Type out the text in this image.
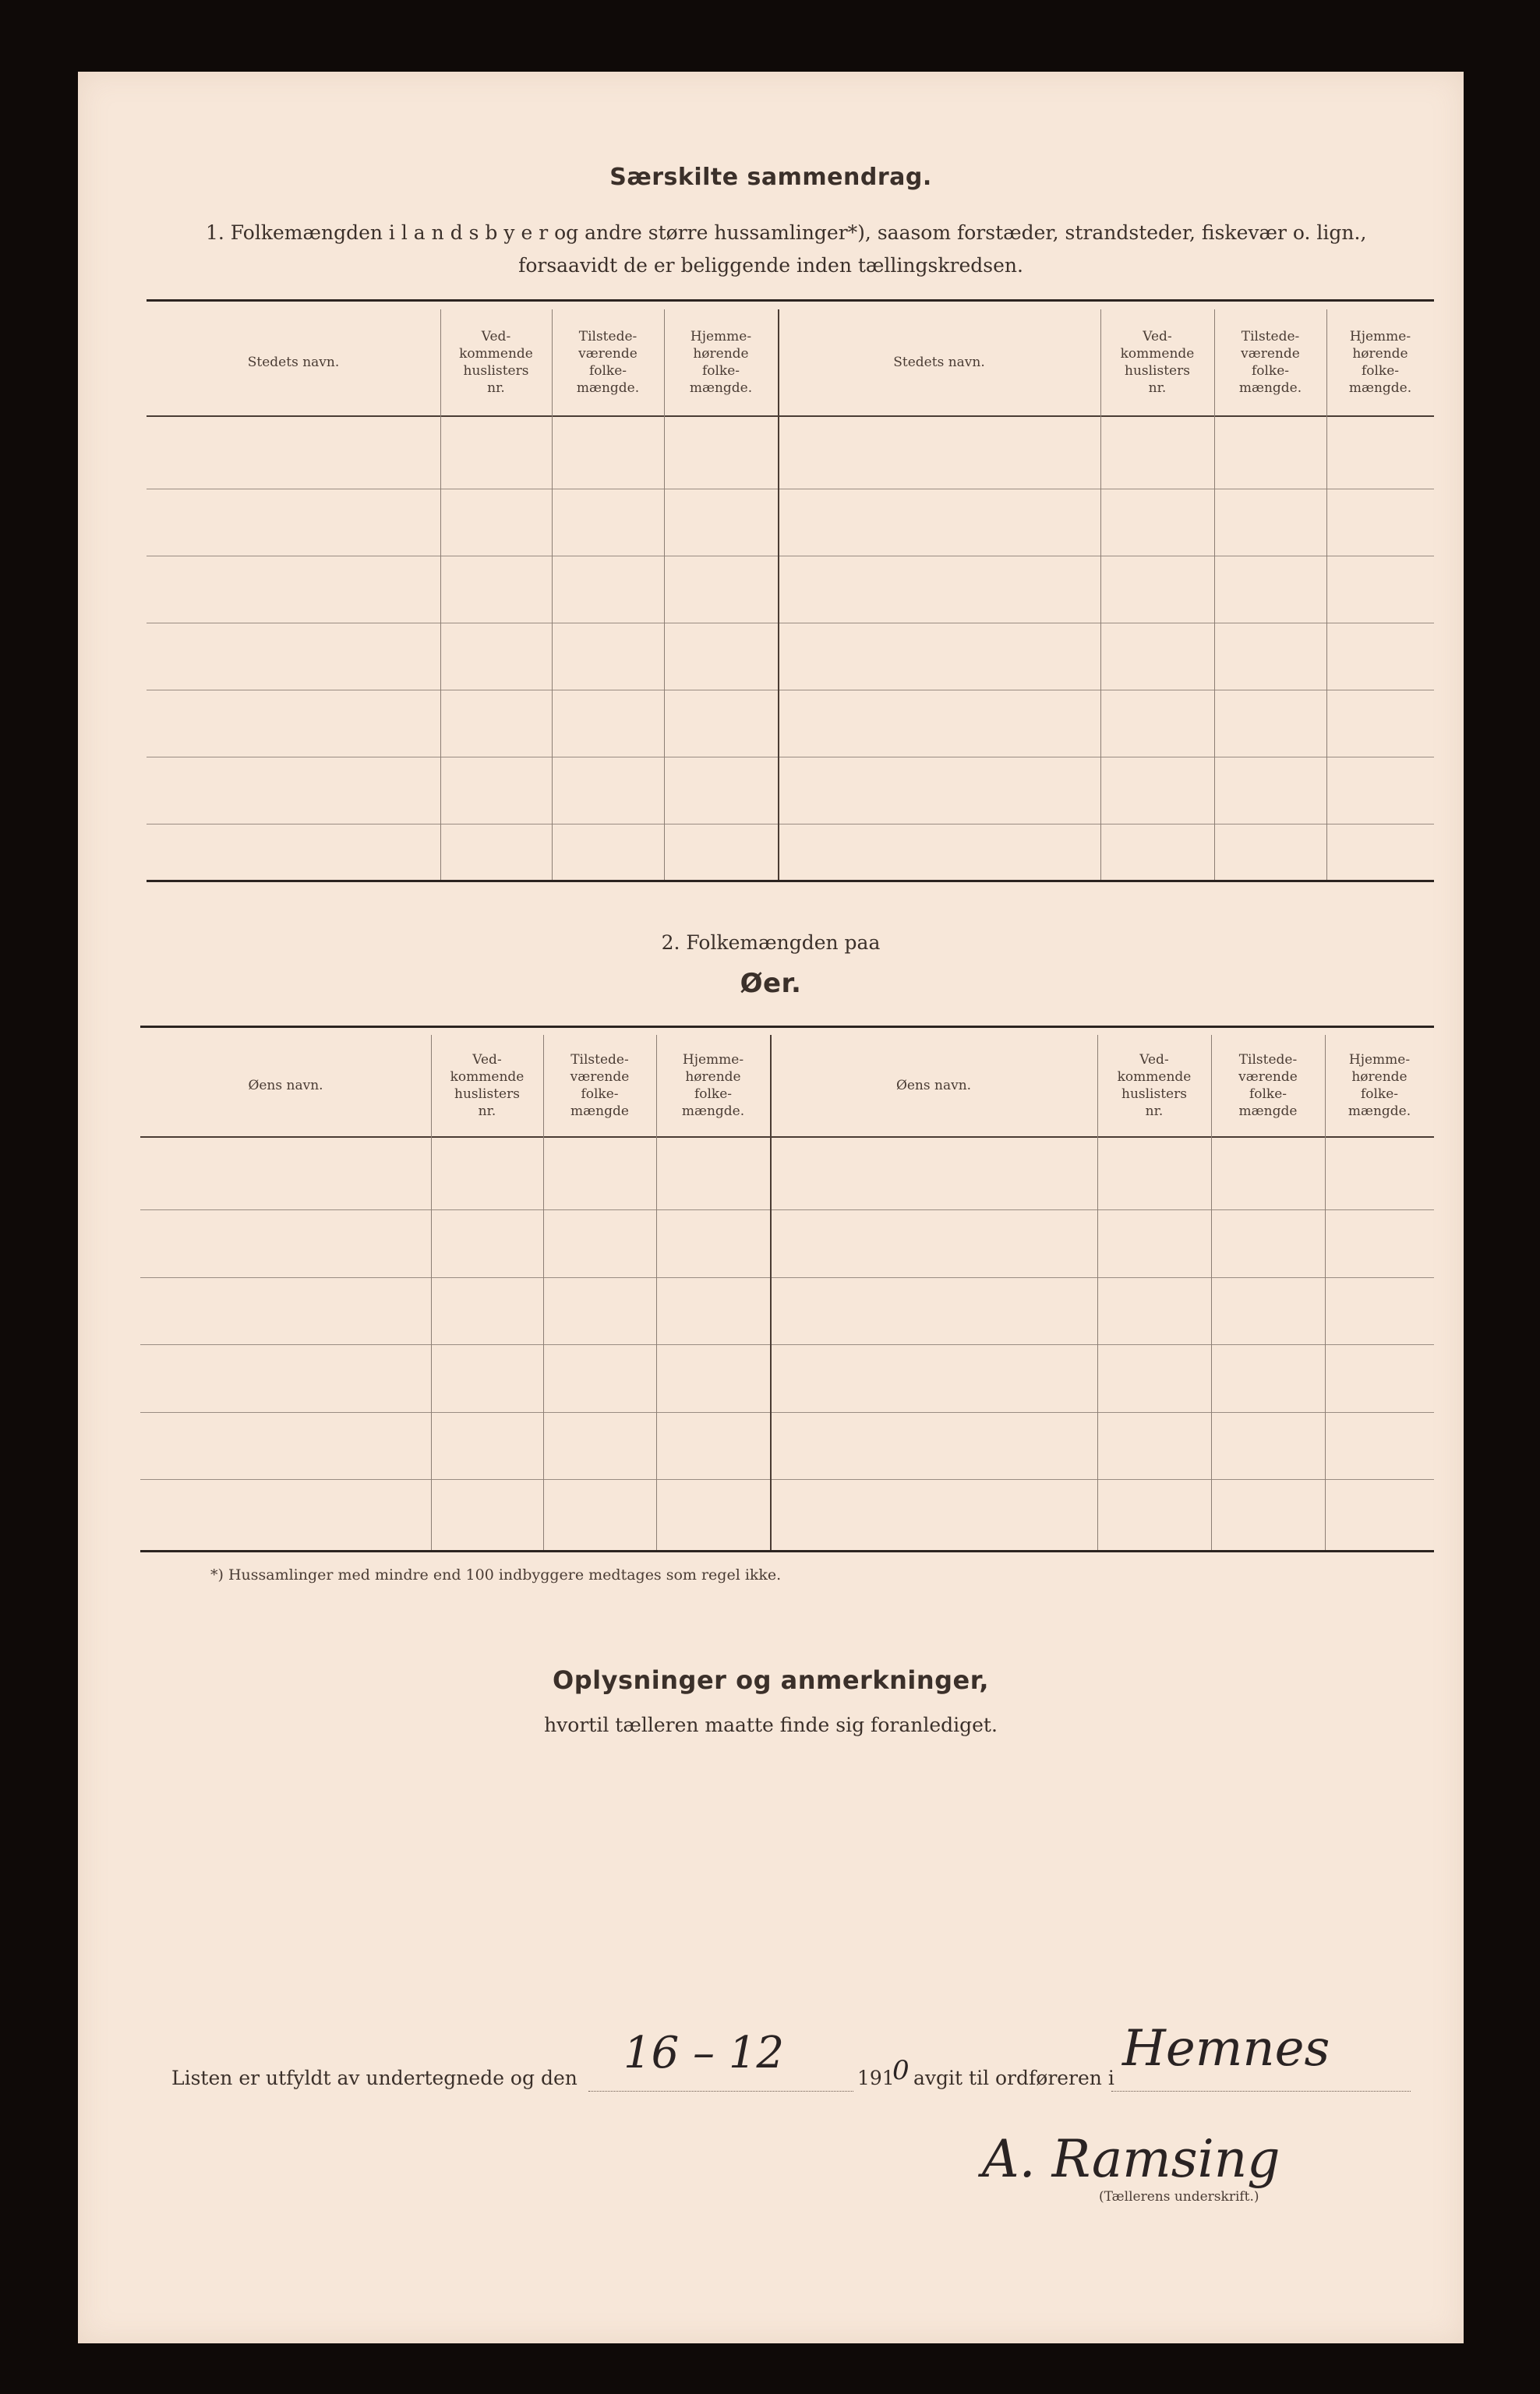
Særskilte sammendrag.
1. Folkemængden i l a n d s b y e r og andre større hussamlinger*), saasom forstæder, strandsteder, fiskevær o. lign.,
forsaavidt de er beliggende inden tællingskredsen.
Stedets navn.
Ved-
kommende
huslisters
nr.
Tilstede-
værende
folke-
mængde.
Hjemme-
hørende
folke-
mængde.
Stedets navn.
Ved-
kommende
huslisters
nr.
Tilstede-
værende
folke-
mængde.
Hjemme-
hørende
folke-
mængde.
2. Folkemængden paa
Øer.
Øens navn.
Ved-
kommende
huslisters
nr.
Tilstede-
værende
folke-
mængde
Hjemme-
hørende
folke-
mængde.
Øens navn.
Ved-
kommende
huslisters
nr.
Tilstede-
værende
folke-
mængde
Hjemme-
hørende
folke-
mængde.
*) Hussamlinger med mindre end 100 indbyggere medtages som regel ikke.
Oplysninger og anmerkninger,
hvortil tælleren maatte finde sig foranlediget.
Listen er utfyldt av undertegnede og den 16 – 12	191
0 avgit til ordføreren i
Hemnes
A. Ramsing
(Tællerens underskrift.)
